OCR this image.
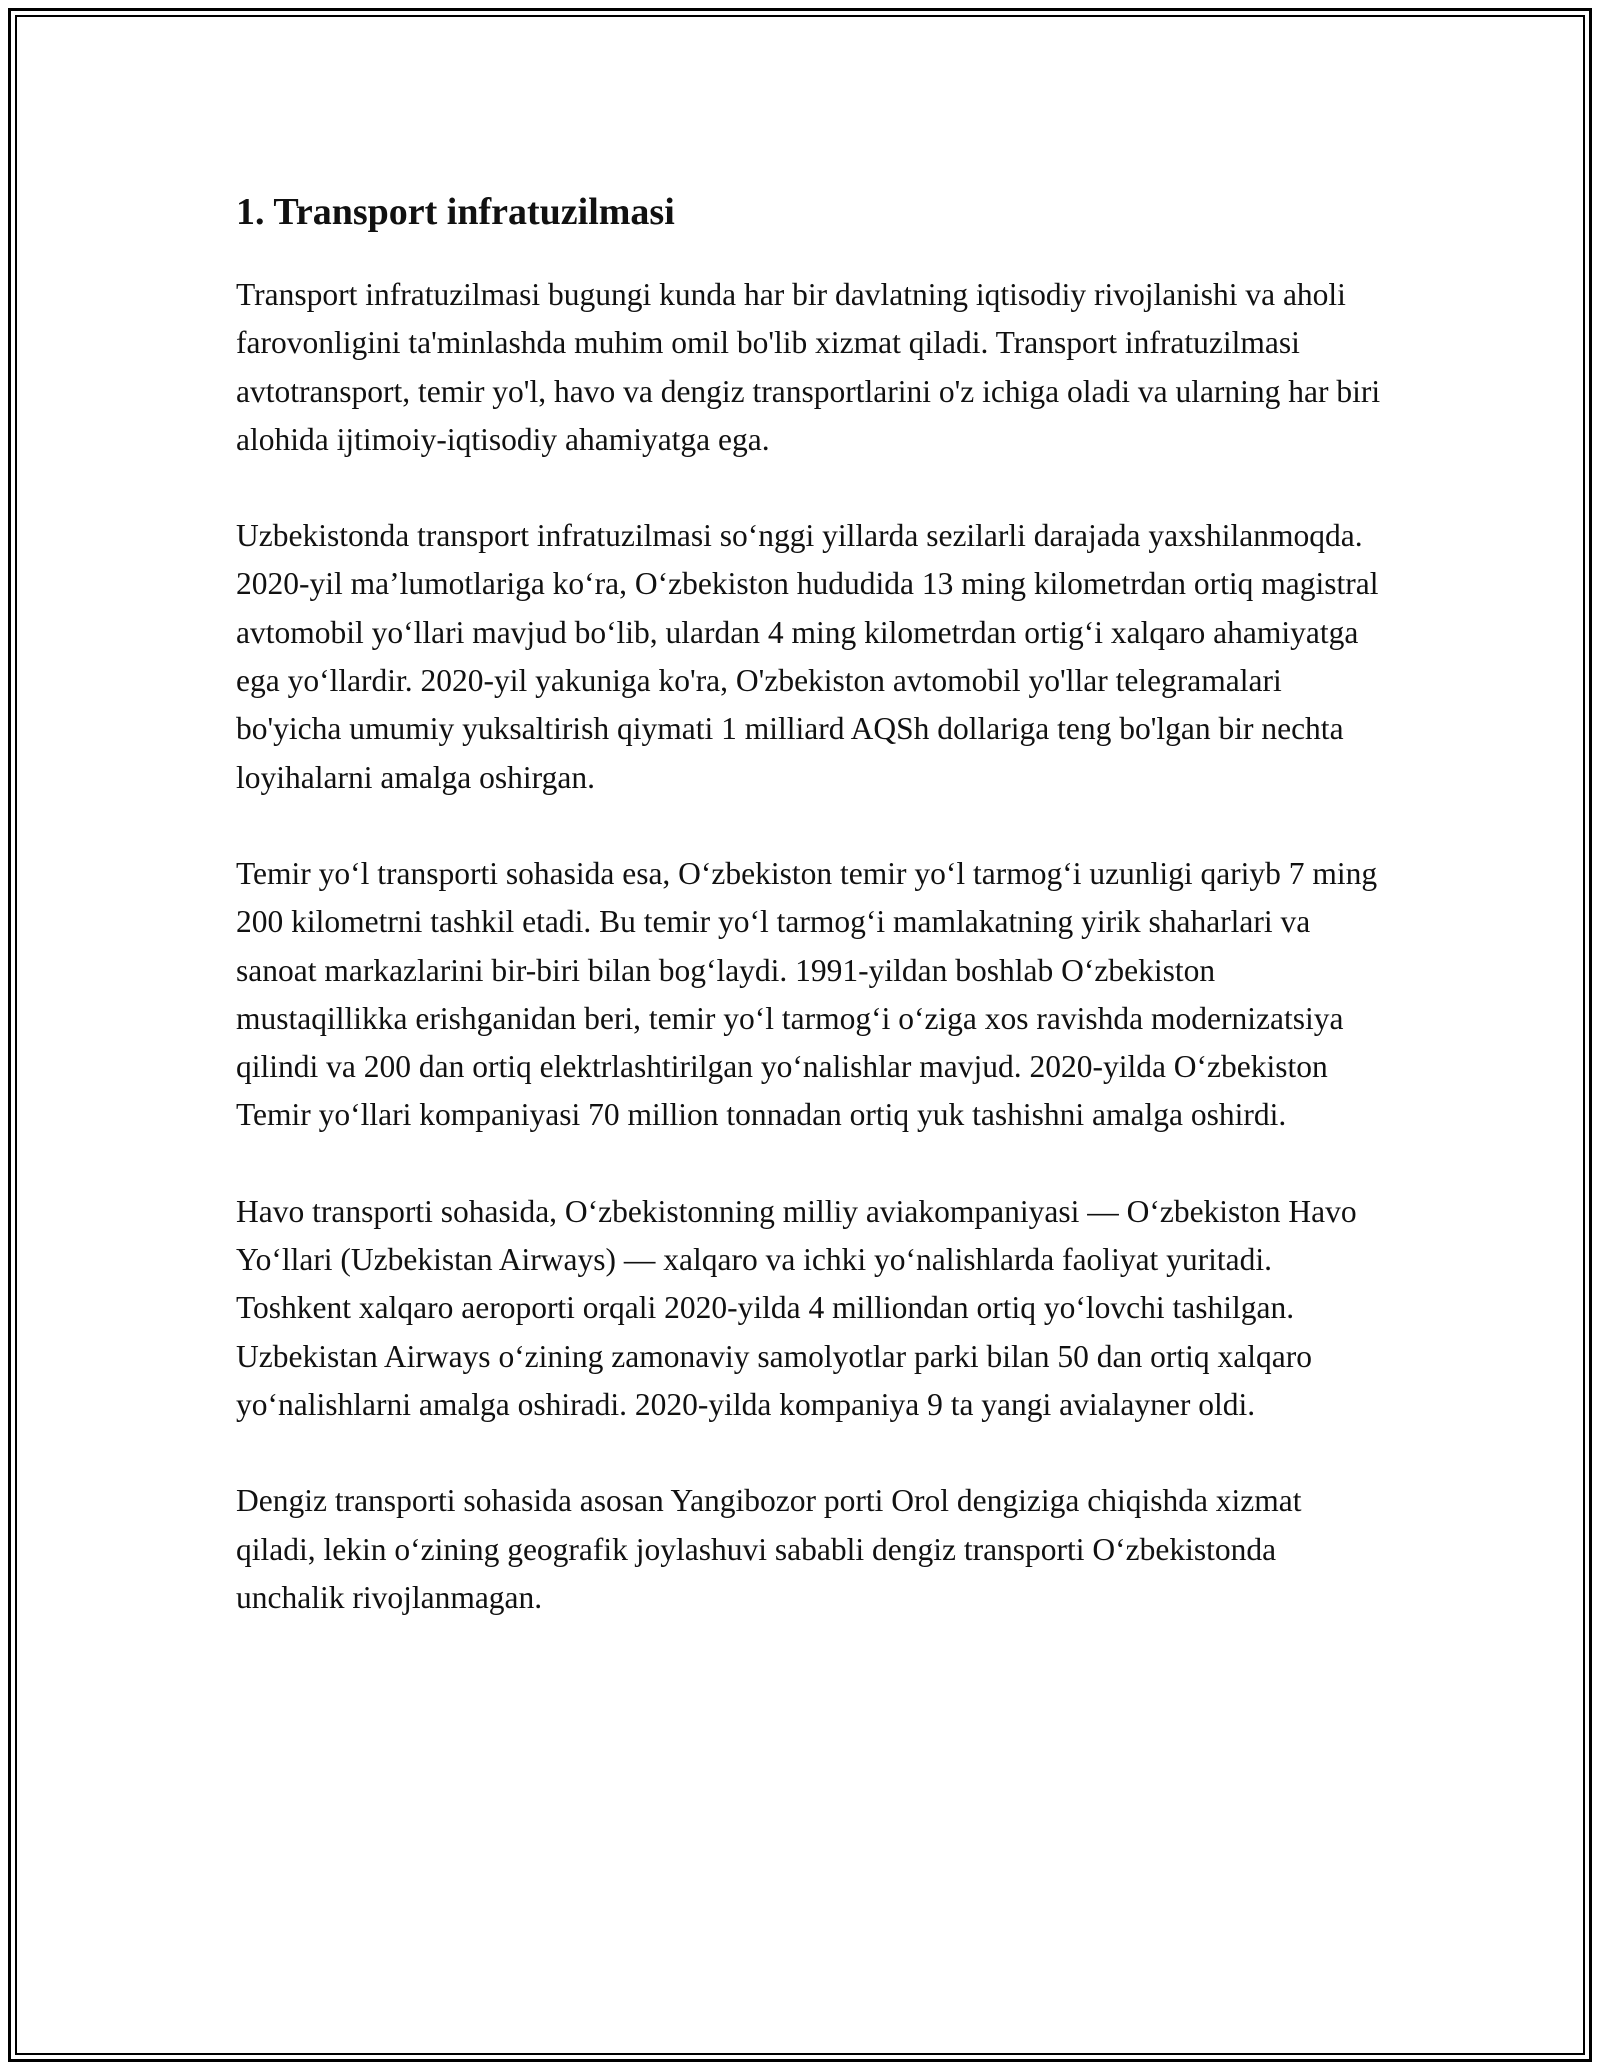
1. Transport infratuzilmasi

Transport infratuzilmasi bugungi kunda har bir davlatning iqtisodiy rivojlanishi va aholi farovonligini ta'minlashda muhim omil bo'lib xizmat qiladi. Transport infratuzilmasi avtotransport, temir yo'l, havo va dengiz transportlarini o'z ichiga oladi va ularning har biri alohida ijtimoiy-iqtisodiy ahamiyatga ega.

Uzbekistonda transport infratuzilmasi so‘nggi yillarda sezilarli darajada yaxshilanmoqda. 2020-yil ma’lumotlariga ko‘ra, O‘zbekiston hududida 13 ming kilometrdan ortiq magistral avtomobil yo‘llari mavjud bo‘lib, ulardan 4 ming kilometrdan ortig‘i xalqaro ahamiyatga ega yo‘llardir. 2020-yil yakuniga ko'ra, O'zbekiston avtomobil yo'llar telegramalari bo'yicha umumiy yuksaltirish qiymati 1 milliard AQSh dollariga teng bo'lgan bir nechta loyihalarni amalga oshirgan.

Temir yo‘l transporti sohasida esa, O‘zbekiston temir yo‘l tarmog‘i uzunligi qariyb 7 ming 200 kilometrni tashkil etadi. Bu temir yo‘l tarmog‘i mamlakatning yirik shaharlari va sanoat markazlarini bir-biri bilan bog‘laydi. 1991-yildan boshlab O‘zbekiston mustaqillikka erishganidan beri, temir yo‘l tarmog‘i o‘ziga xos ravishda modernizatsiya qilindi va 200 dan ortiq elektrlashtirilgan yo‘nalishlar mavjud. 2020-yilda O‘zbekiston Temir yo‘llari kompaniyasi 70 million tonnadan ortiq yuk tashishni amalga oshirdi.

Havo transporti sohasida, O‘zbekistonning milliy aviakompaniyasi — O‘zbekiston Havo Yo‘llari (Uzbekistan Airways) — xalqaro va ichki yo‘nalishlarda faoliyat yuritadi. Toshkent xalqaro aeroporti orqali 2020-yilda 4 milliondan ortiq yo‘lovchi tashilgan. Uzbekistan Airways o‘zining zamonaviy samolyotlar parki bilan 50 dan ortiq xalqaro yo‘nalishlarni amalga oshiradi. 2020-yilda kompaniya 9 ta yangi avialayner oldi.

Dengiz transporti sohasida asosan Yangibozor porti Orol dengiziga chiqishda xizmat qiladi, lekin o‘zining geografik joylashuvi sababli dengiz transporti O‘zbekistonda unchalik rivojlanmagan.
